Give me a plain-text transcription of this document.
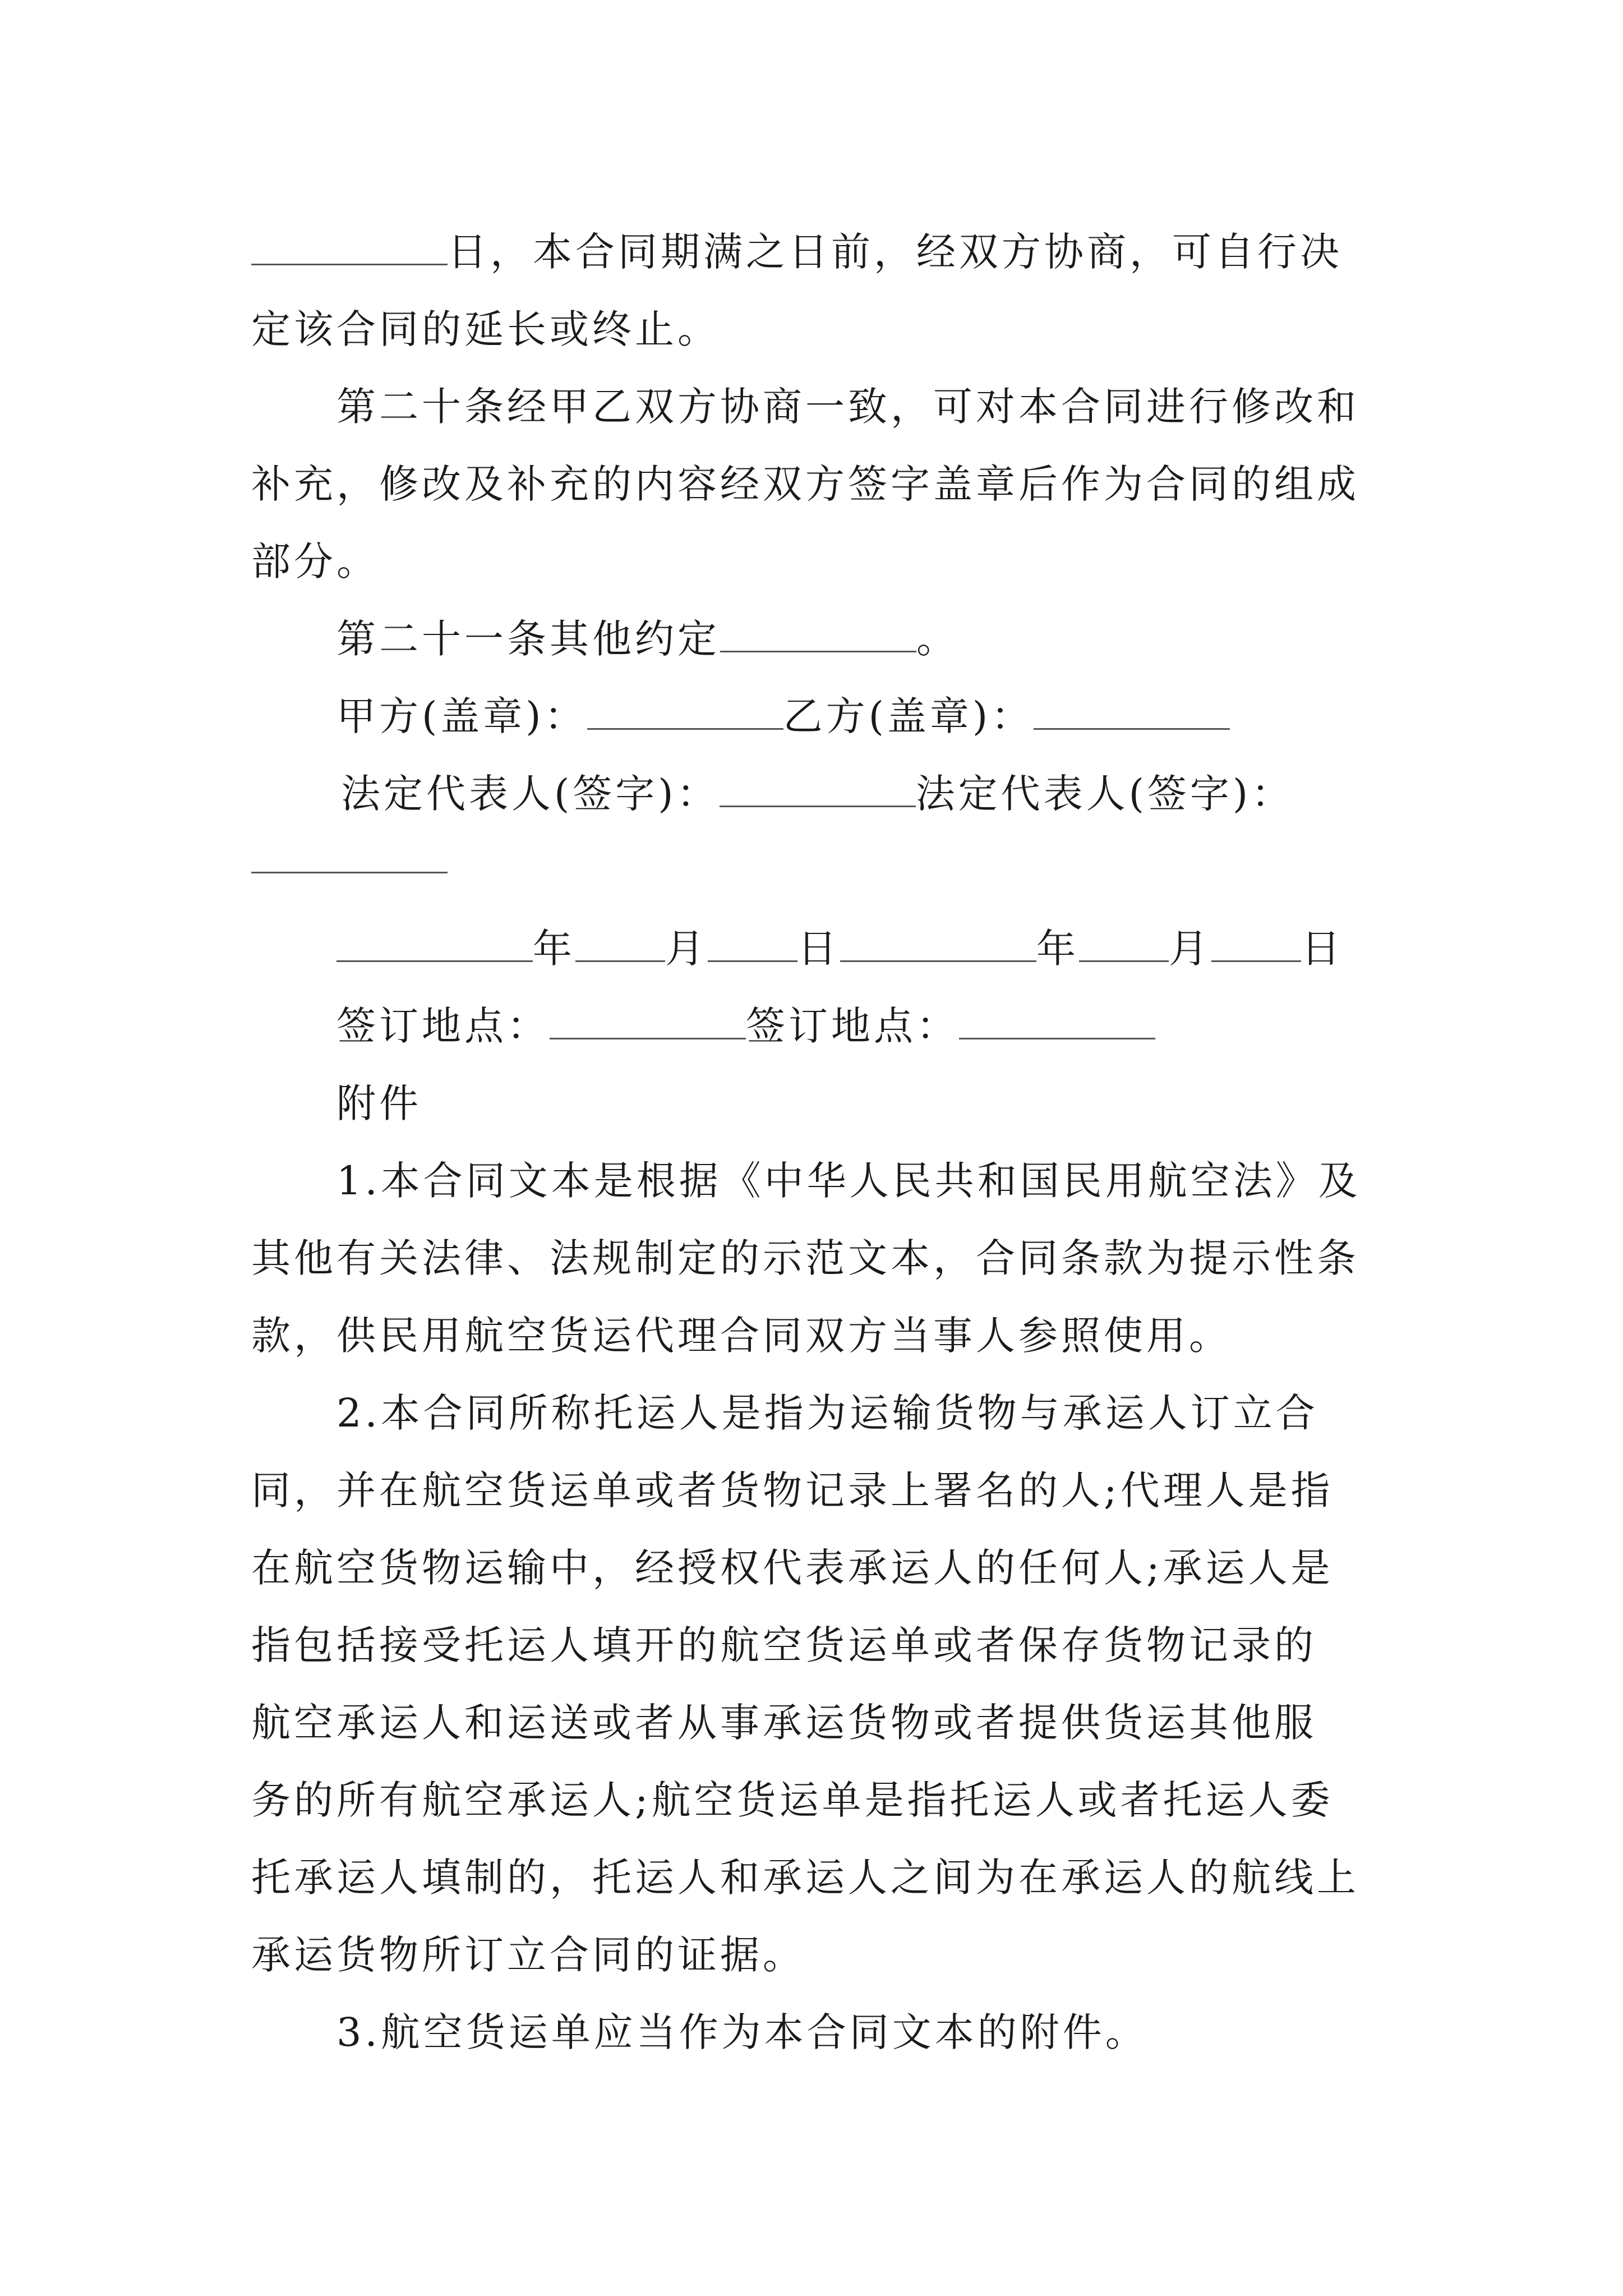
日，本合同期满之日前，经双方协商，可自行决
定该合同的延长或终止。
第二十条经甲乙双方协商一致，可对本合同进行修改和
补充，修改及补充的内容经双方签字盖章后作为合同的组成
部分。
第二十一条其他约定	。
甲方(盖章)：	乙方(盖章)：
法定代表人(签字)：	法定代表人(签字)：
年 月 日	年 月 日
签订地点：	签订地点：
附件
1.本合同文本是根据《中华人民共和国民用航空法》及
其他有关法律、法规制定的示范文本，合同条款为提示性条
款，供民用航空货运代理合同双方当事人参照使用。
2.本合同所称托运人是指为运输货物与承运人订立合
同，并在航空货运单或者货物记录上署名的人;代理人是指
在航空货物运输中，经授权代表承运人的任何人;承运人是
指包括接受托运人填开的航空货运单或者保存货物记录的
航空承运人和运送或者从事承运货物或者提供货运其他服
务的所有航空承运人;航空货运单是指托运人或者托运人委
托承运人填制的，托运人和承运人之间为在承运人的航线上
承运货物所订立合同的证据。
3.航空货运单应当作为本合同文本的附件。
